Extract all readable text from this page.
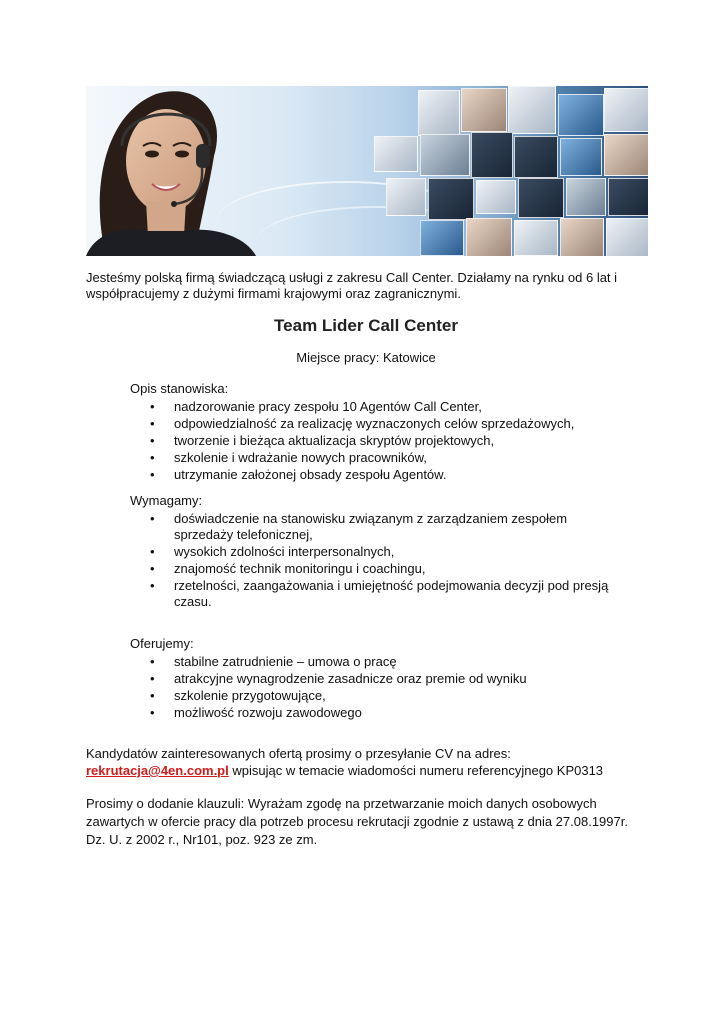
Jesteśmy polską firmą świadczącą usługi z zakresu Call Center. Działamy na rynku od 6 lat i współpracujemy z dużymi firmami krajowymi oraz zagranicznymi.

Team Lider Call Center
Miejsce pracy: Katowice
Opis stanowiska:
• nadzorowanie pracy zespołu 10 Agentów Call Center,
• odpowiedzialność za realizację wyznaczonych celów sprzedażowych,
• tworzenie i bieżąca aktualizacja skryptów projektowych,
• szkolenie i wdrażanie nowych pracowników,
• utrzymanie założonej obsady zespołu Agentów.
Wymagamy:
• doświadczenie na stanowisku związanym z zarządzaniem zespołem sprzedaży telefonicznej,
• wysokich zdolności interpersonalnych,
• znajomość technik monitoringu i coachingu,
• rzetelności, zaangażowania i umiejętność podejmowania decyzji pod presją czasu.
Oferujemy:
• stabilne zatrudnienie – umowa o pracę
• atrakcyjne wynagrodzenie zasadnicze oraz premie od wyniku
• szkolenie przygotowujące,
• możliwość rozwoju zawodowego

Kandydatów zainteresowanych ofertą prosimy o przesyłanie CV na adres:
rekrutacja@4en.com.pl wpisując w temacie wiadomości numeru referencyjnego KP0313

Prosimy o dodanie klauzuli: Wyrażam zgodę na przetwarzanie moich danych osobowych zawartych w ofercie pracy dla potrzeb procesu rekrutacji zgodnie z ustawą z dnia 27.08.1997r. Dz. U. z 2002 r., Nr101, poz. 923 ze zm.
